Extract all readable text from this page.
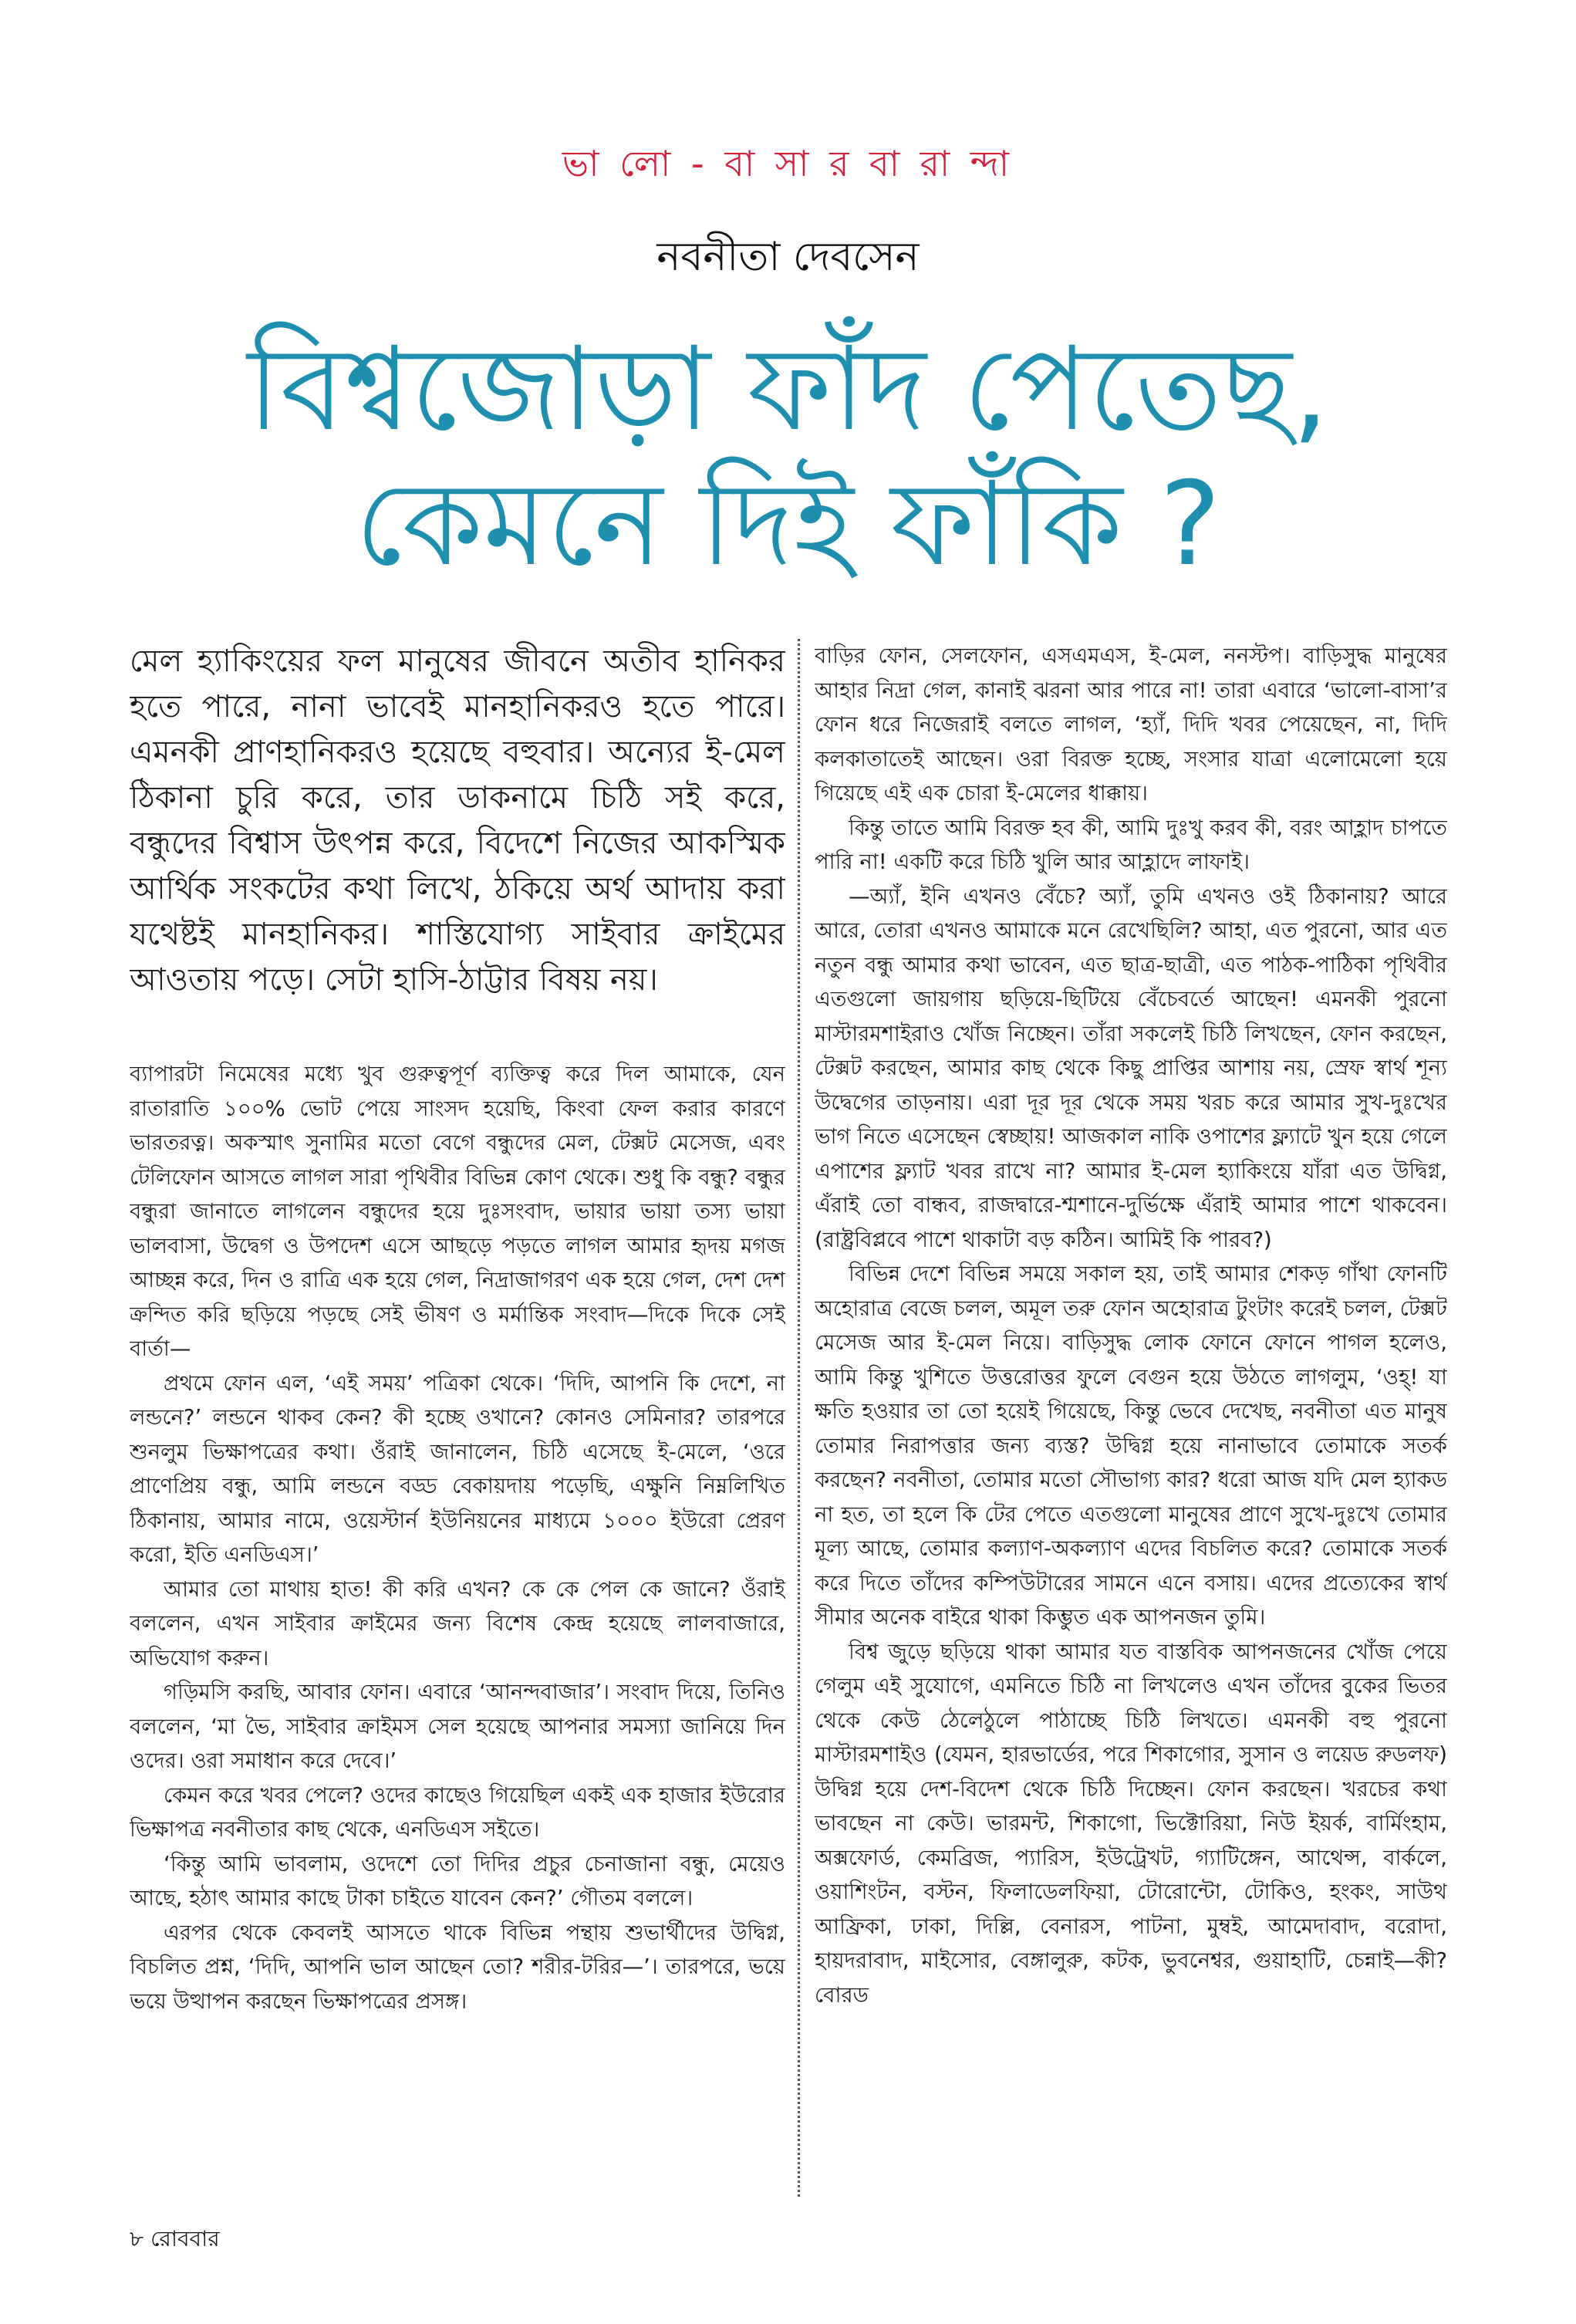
ভা লো - বা সা র বা রা ন্দা
নবনীতা দেবসেন
বিশ্বজোড়া ফাঁদ পেতেছ,
কেমনে দিই ফাঁকি ?

মেল হ্যাকিংয়ের ফল মানুষের জীবনে অতীব হানিকর হতে পারে, নানা ভাবেই মানহানিকরও হতে পারে। এমনকী প্রাণহানিকরও হয়েছে বহুবার। অন্যের ই-মেল ঠিকানা চুরি করে, তার ডাকনামে চিঠি সই করে, বন্ধুদের বিশ্বাস উৎপন্ন করে, বিদেশে নিজের আকস্মিক আর্থিক সংকটের কথা লিখে, ঠকিয়ে অর্থ আদায় করা যথেষ্টই মানহানিকর। শাস্তিযোগ্য সাইবার ক্রাইমের আওতায় পড়ে। সেটা হাসি-ঠাট্টার বিষয় নয়।

ব্যাপারটা নিমেষের মধ্যে খুব গুরুত্বপূর্ণ ব্যক্তিত্ব করে দিল আমাকে, যেন রাতারাতি ১০০% ভোট পেয়ে সাংসদ হয়েছি, কিংবা ফেল করার কারণে ভারতরত্ন। অকস্মাৎ সুনামির মতো বেগে বন্ধুদের মেল, টেক্সট মেসেজ, এবং টেলিফোন আসতে লাগল সারা পৃথিবীর বিভিন্ন কোণ থেকে। শুধু কি বন্ধু? বন্ধুর বন্ধুরা জানাতে লাগলেন বন্ধুদের হয়ে দুঃসংবাদ, ভায়ার ভায়া তস্য ভায়া ভালবাসা, উদ্বেগ ও উপদেশ এসে আছড়ে পড়তে লাগল আমার হৃদয় মগজ আচ্ছন্ন করে, দিন ও রাত্রি এক হয়ে গেল, নিদ্রাজাগরণ এক হয়ে গেল, দেশ দেশ ক্রন্দিত করি ছড়িয়ে পড়ছে সেই ভীষণ ও মর্মান্তিক সংবাদ—দিকে দিকে সেই বার্তা—

প্রথমে ফোন এল, ‘এই সময়’ পত্রিকা থেকে। ‘দিদি, আপনি কি দেশে, না লন্ডনে?’ লন্ডনে থাকব কেন? কী হচ্ছে ওখানে? কোনও সেমিনার? তারপরে শুনলুম ভিক্ষাপত্রের কথা। ওঁরাই জানালেন, চিঠি এসেছে ই-মেলে, ‘ওরে প্রাণেপ্রিয় বন্ধু, আমি লন্ডনে বড্ড বেকায়দায় পড়েছি, এক্ষুনি নিম্নলিখিত ঠিকানায়, আমার নামে, ওয়েস্টার্ন ইউনিয়নের মাধ্যমে ১০০০ ইউরো প্রেরণ করো, ইতি এনডিএস।’

আমার তো মাথায় হাত! কী করি এখন? কে কে পেল কে জানে? ওঁরাই বললেন, এখন সাইবার ক্রাইমের জন্য বিশেষ কেন্দ্র হয়েছে লালবাজারে, অভিযোগ করুন।

গড়িমসি করছি, আবার ফোন। এবারে ‘আনন্দবাজার’। সংবাদ দিয়ে, তিনিও বললেন, ‘মা ভৈ, সাইবার ক্রাইমস সেল হয়েছে আপনার সমস্যা জানিয়ে দিন ওদের। ওরা সমাধান করে দেবে।’

কেমন করে খবর পেলে? ওদের কাছেও গিয়েছিল একই এক হাজার ইউরোর ভিক্ষাপত্র নবনীতার কাছ থেকে, এনডিএস সইতে।

‘কিন্তু আমি ভাবলাম, ওদেশে তো দিদির প্রচুর চেনাজানা বন্ধু, মেয়েও আছে, হঠাৎ আমার কাছে টাকা চাইতে যাবেন কেন?’ গৌতম বললে।

এরপর থেকে কেবলই আসতে থাকে বিভিন্ন পন্থায় শুভার্থীদের উদ্বিগ্ন, বিচলিত প্রশ্ন, ‘দিদি, আপনি ভাল আছেন তো? শরীর-টরির—’। তারপরে, ভয়ে ভয়ে উত্থাপন করছেন ভিক্ষাপত্রের প্রসঙ্গ।

বাড়ির ফোন, সেলফোন, এসএমএস, ই-মেল, ননস্টপ। বাড়িসুদ্ধ মানুষের আহার নিদ্রা গেল, কানাই ঝরনা আর পারে না! তারা এবারে ‘ভালো-বাসা’র ফোন ধরে নিজেরাই বলতে লাগল, ‘হ্যাঁ, দিদি খবর পেয়েছেন, না, দিদি কলকাতাতেই আছেন। ওরা বিরক্ত হচ্ছে, সংসার যাত্রা এলোমেলো হয়ে গিয়েছে এই এক চোরা ই-মেলের ধাক্কায়।

কিন্তু তাতে আমি বিরক্ত হব কী, আমি দুঃখু করব কী, বরং আহ্লাদ চাপতে পারি না! একটি করে চিঠি খুলি আর আহ্লাদে লাফাই।

—অ্যাঁ, ইনি এখনও বেঁচে? অ্যাঁ, তুমি এখনও ওই ঠিকানায়? আরে আরে, তোরা এখনও আমাকে মনে রেখেছিলি? আহা, এত পুরনো, আর এত নতুন বন্ধু আমার কথা ভাবেন, এত ছাত্র-ছাত্রী, এত পাঠক-পাঠিকা পৃথিবীর এতগুলো জায়গায় ছড়িয়ে-ছিটিয়ে বেঁচেবর্তে আছেন! এমনকী পুরনো মাস্টারমশাইরাও খোঁজ নিচ্ছেন। তাঁরা সকলেই চিঠি লিখছেন, ফোন করছেন, টেক্সট করছেন, আমার কাছ থেকে কিছু প্রাপ্তির আশায় নয়, স্রেফ স্বার্থ শূন্য উদ্বেগের তাড়নায়। এরা দূর দূর থেকে সময় খরচ করে আমার সুখ-দুঃখের ভাগ নিতে এসেছেন স্বেচ্ছায়! আজকাল নাকি ওপাশের ফ্ল্যাটে খুন হয়ে গেলে এপাশের ফ্ল্যাট খবর রাখে না? আমার ই-মেল হ্যাকিংয়ে যাঁরা এত উদ্বিগ্ন, এঁরাই তো বান্ধব, রাজদ্বারে-শ্মশানে-দুর্ভিক্ষে এঁরাই আমার পাশে থাকবেন। (রাষ্ট্রবিপ্লবে পাশে থাকাটা বড় কঠিন। আমিই কি পারব?)

বিভিন্ন দেশে বিভিন্ন সময়ে সকাল হয়, তাই আমার শেকড় গাঁথা ফোনটি অহোরাত্র বেজে চলল, অমূল তরু ফোন অহোরাত্র টুংটাং করেই চলল, টেক্সট মেসেজ আর ই-মেল নিয়ে। বাড়িসুদ্ধ লোক ফোনে ফোনে পাগল হলেও, আমি কিন্তু খুশিতে উত্তরোত্তর ফুলে বেগুন হয়ে উঠতে লাগলুম, ‘ওহ্! যা ক্ষতি হওয়ার তা তো হয়েই গিয়েছে, কিন্তু ভেবে দেখেছ, নবনীতা এত মানুষ তোমার নিরাপত্তার জন্য ব্যস্ত? উদ্বিগ্ন হয়ে নানাভাবে তোমাকে সতর্ক করছেন? নবনীতা, তোমার মতো সৌভাগ্য কার? ধরো আজ যদি মেল হ্যাকড না হত, তা হলে কি টের পেতে এতগুলো মানুষের প্রাণে সুখে-দুঃখে তোমার মূল্য আছে, তোমার কল্যাণ-অকল্যাণ এদের বিচলিত করে? তোমাকে সতর্ক করে দিতে তাঁদের কম্পিউটারের সামনে এনে বসায়। এদের প্রত্যেকের স্বার্থ সীমার অনেক বাইরে থাকা কিম্ভুত এক আপনজন তুমি।

বিশ্ব জুড়ে ছড়িয়ে থাকা আমার যত বাস্তবিক আপনজনের খোঁজ পেয়ে গেলুম এই সুযোগে, এমনিতে চিঠি না লিখলেও এখন তাঁদের বুকের ভিতর থেকে কেউ ঠেলেঠুলে পাঠাচ্ছে চিঠি লিখতে। এমনকী বহু পুরনো মাস্টারমশাইও (যেমন, হারভার্ডের, পরে শিকাগোর, সুসান ও লয়েড রুডলফ) উদ্বিগ্ন হয়ে দেশ-বিদেশ থেকে চিঠি দিচ্ছেন। ফোন করছেন। খরচের কথা ভাবছেন না কেউ। ভারমন্ট, শিকাগো, ভিক্টোরিয়া, নিউ ইয়র্ক, বার্মিংহাম, অক্সফোর্ড, কেমব্রিজ, প্যারিস, ইউট্রেখট, গ্যাটিঙ্গেন, আথেন্স, বার্কলে, ওয়াশিংটন, বস্টন, ফিলাডেলফিয়া, টোরোন্টো, টোকিও, হংকং, সাউথ আফ্রিকা, ঢাকা, দিল্লি, বেনারস, পাটনা, মুম্বই, আমেদাবাদ, বরোদা, হায়দরাবাদ, মাইসোর, বেঙ্গালুরু, কটক, ভুবনেশ্বর, গুয়াহাটি, চেন্নাই—কী? বোরড

৮ রোববার
